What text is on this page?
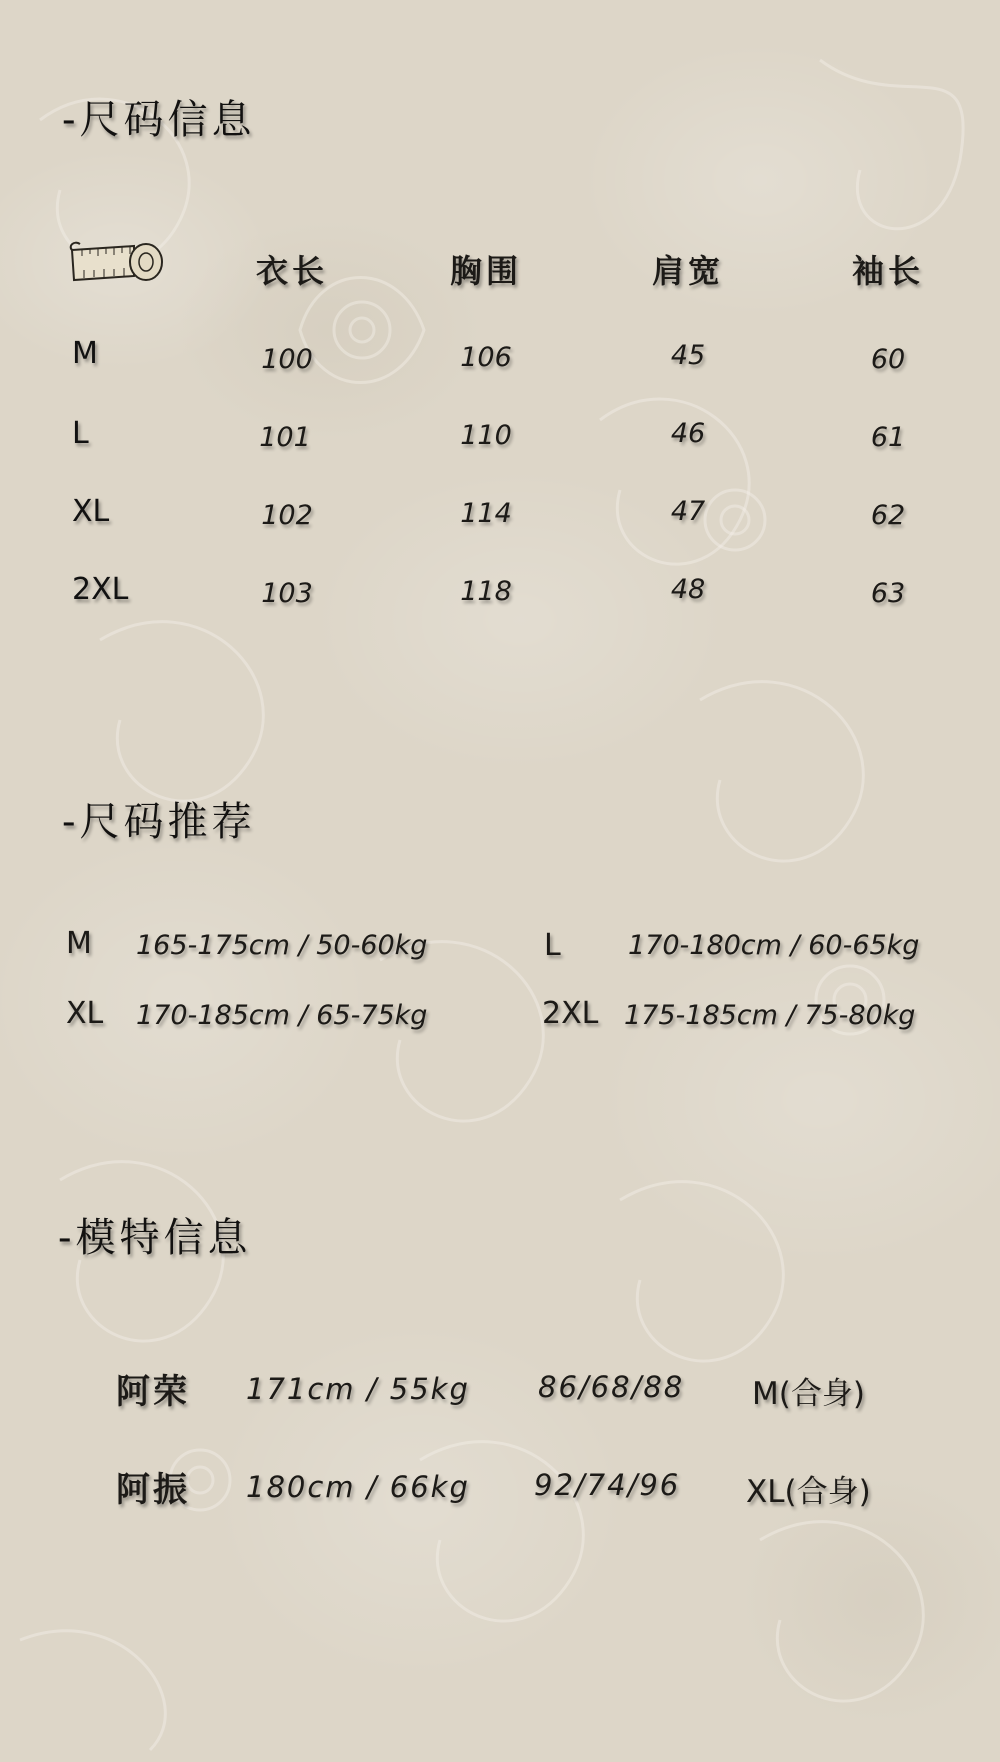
-尺码信息
衣长	胸围	肩宽	袖长
M	100	106	45	60
L	101	110	46	61
XL	102	114	47	62
2XL	103	118	48	63
-尺码推荐
M 165-175cm / 50-60kg	L 170-180cm / 60-65kg
XL 170-185cm / 65-75kg	2XL 175-185cm / 75-80kg
-模特信息
阿荣 171cm / 55kg 86/68/88 M(合身)
阿振 180cm / 66kg 92/74/96 XL(合身)
